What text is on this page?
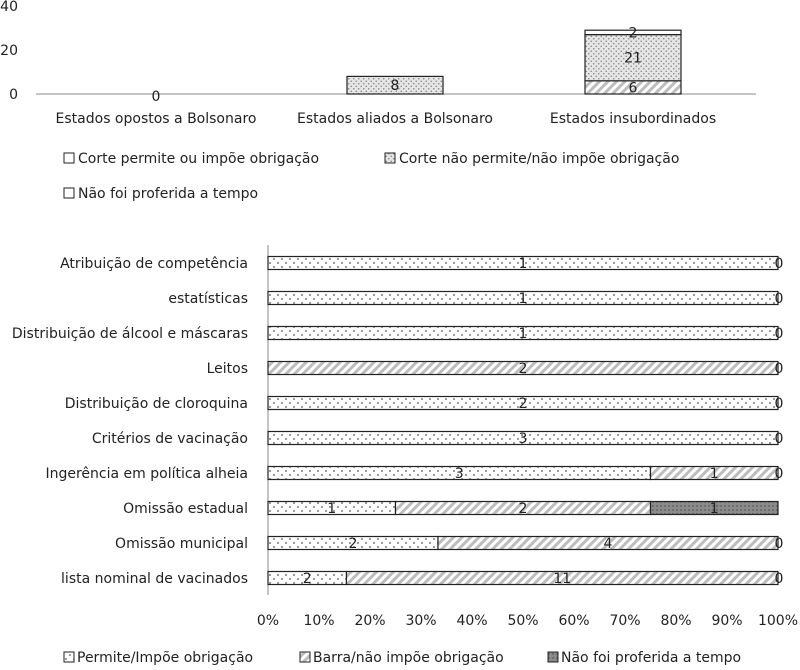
0
20
40
Estados opostos a Bolsonaro
0
Estados aliados a Bolsonaro
8
Estados insubordinados
6
21
2
Corte permite ou impõe obrigação	Corte não permite/não impõe obrigação
Não foi proferida a tempo
0% 10% 20% 30% 40% 50% 60% 70% 80% 90% 100%
Atribuição de competência	1	0
estatísticas	1	0
Distribuição de álcool e máscaras	1	0
Leitos	2	0
Distribuição de cloroquina	2	0
Critérios de vacinação	3	0
Ingerência em política alheia	3	1	0
Omissão estadual	1	2	1
Omissão municipal	2	4	0
lista nominal de vacinados	2	11	0
Permite/Impõe obrigação	Barra/não impõe obrigação	Não foi proferida a tempo
